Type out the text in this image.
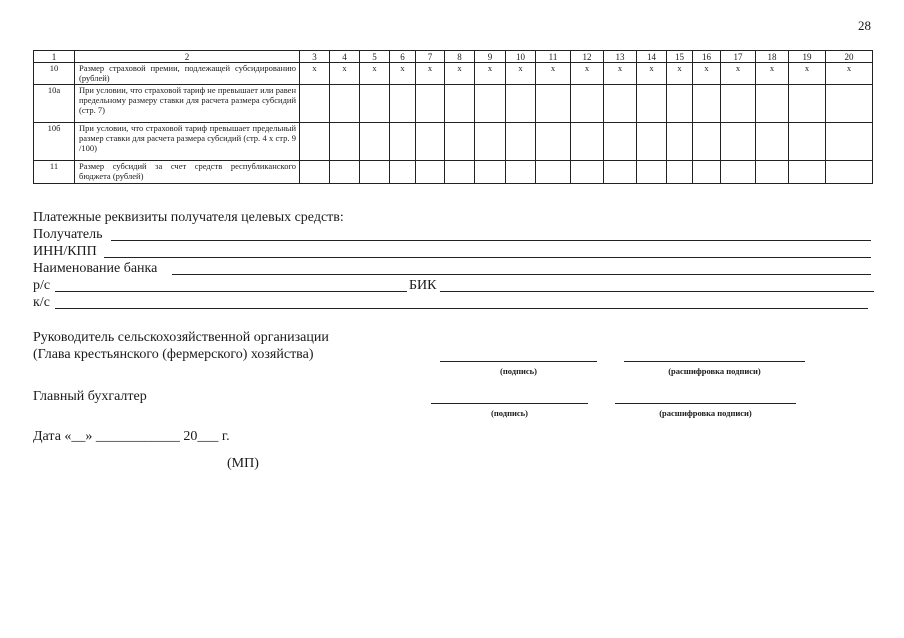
28
1	2	3	4	5	6	7	8	9	10	11	12	13	14	15	16	17	18	19	20
10	Размер страховой премии, подлежащей субсидированию (рублей)	x	x	x	x	x	x	x	x	x	x	x	x	x	x	x	x	x	x
10а	При условии, что страховой тариф не превышает или равен предельному размеру ставки для расчета размера субсидий (стр. 7)																		
10б	При условии, что страховой тариф превышает предельный размер ставки для расчета размера субсидий (стр. 4 х стр. 9 /100)																		
11	Размер субсидий за счет средств республиканского бюджета (рублей)																		
Платежные реквизиты получателя целевых средств:
Получатель
ИНН/КПП
Наименование банка
р/с	БИК
к/с
Руководитель сельскохозяйственной организации
(Глава крестьянского (фермерского) хозяйства)
(подпись)	(расшифровка подписи)
Главный бухгалтер
(подпись)	(расшифровка подписи)
Дата «__» ____________ 20___ г.
(МП)
